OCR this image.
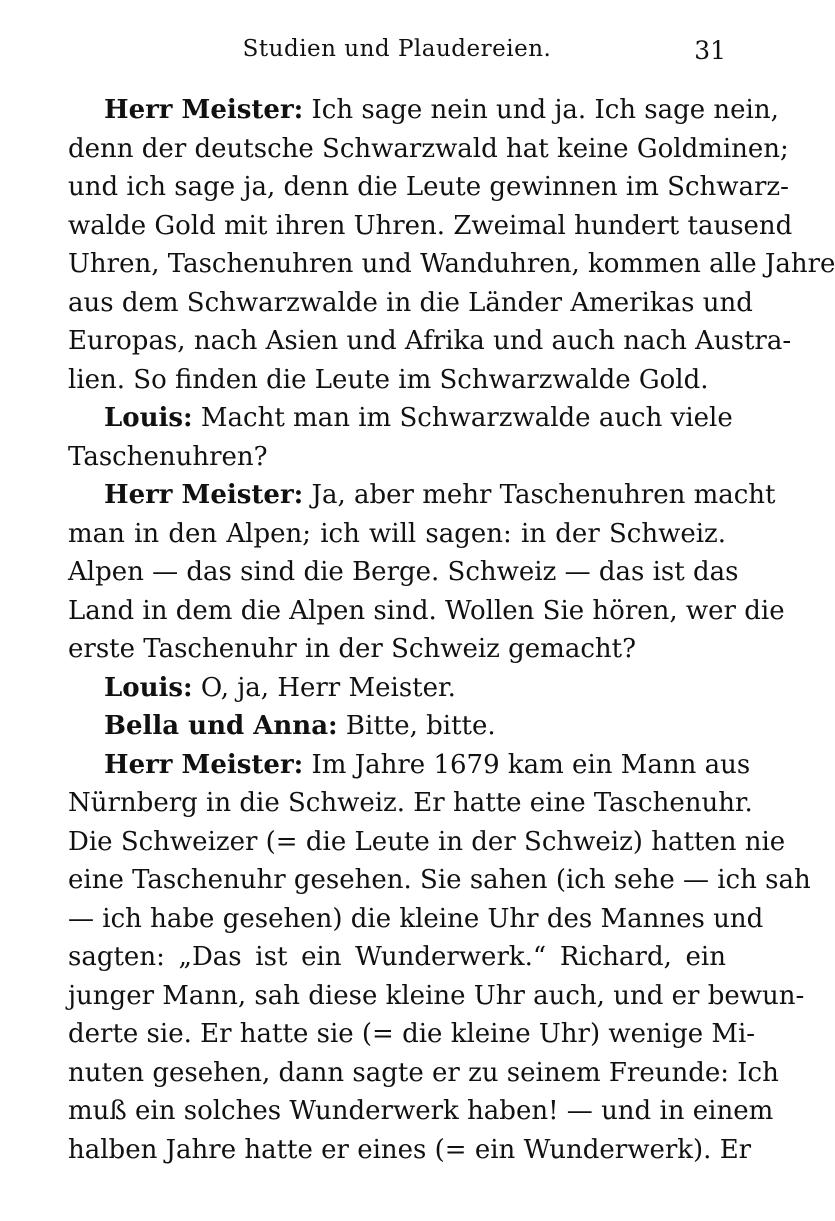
Studien und Plaudereien.	31
Herr Meister: Ich sage nein und ja. Ich sage nein,
denn der deutsche Schwarzwald hat keine Goldminen;
und ich sage ja, denn die Leute gewinnen im Schwarz-
walde Gold mit ihren Uhren. Zweimal hundert tausend
Uhren, Taschenuhren und Wanduhren, kommen alle Jahre
aus dem Schwarzwalde in die Länder Amerikas und
Europas, nach Asien und Afrika und auch nach Austra-
lien. So finden die Leute im Schwarzwalde Gold.
Louis: Macht man im Schwarzwalde auch viele
Taschenuhren?
Herr Meister: Ja, aber mehr Taschenuhren macht
man in den Alpen; ich will sagen: in der Schweiz.
Alpen — das sind die Berge. Schweiz — das ist das
Land in dem die Alpen sind. Wollen Sie hören, wer die
erste Taschenuhr in der Schweiz gemacht?
Louis: O, ja, Herr Meister.
Bella und Anna: Bitte, bitte.
Herr Meister: Im Jahre 1679 kam ein Mann aus
Nürnberg in die Schweiz. Er hatte eine Taschenuhr.
Die Schweizer (= die Leute in der Schweiz) hatten nie
eine Taschenuhr gesehen. Sie sahen (ich sehe — ich sah
— ich habe gesehen) die kleine Uhr des Mannes und
sagten: „Das ist ein Wunderwerk.“ Richard, ein
junger Mann, sah diese kleine Uhr auch, und er bewun-
derte sie. Er hatte sie (= die kleine Uhr) wenige Mi-
nuten gesehen, dann sagte er zu seinem Freunde: Ich
muß ein solches Wunderwerk haben! — und in einem
halben Jahre hatte er eines (= ein Wunderwerk). Er
